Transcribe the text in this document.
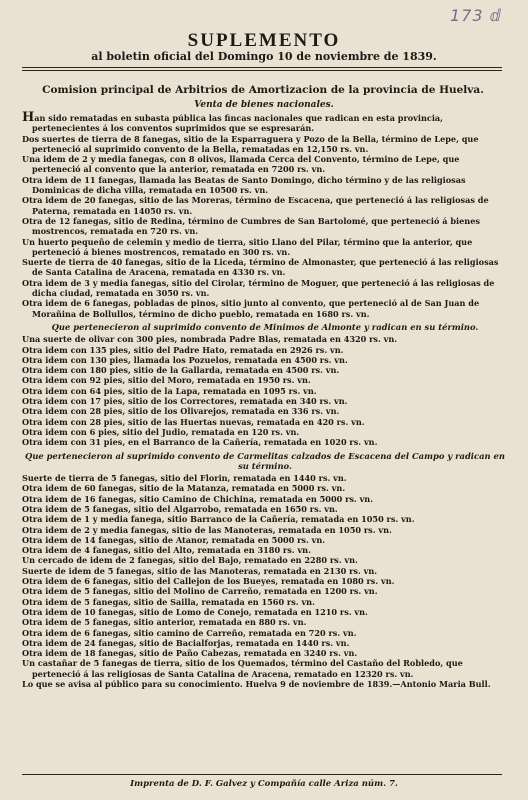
173 ⅆ
SUPLEMENTO
al boletin oficial del Domingo 10 de noviembre de 1839.
Comision principal de Arbitrios de Amortizacion de la provincia de Huelva.
Venta de bienes nacionales.
Han sido rematadas en subasta pública las fincas nacionales que radican en esta provincia, pertenecientes á los conventos suprimidos que se espresarán.
Dos suertes de tierra de 8 fanegas, sitio de la Esparraguera y Pozo de la Bella, término de Lepe, que perteneció al suprimido convento de la Bella, rematadas en 12,150 rs. vn.
Una idem de 2 y media fanegas, con 8 olivos, llamada Cerca del Convento, término de Lepe, que perteneció al convento que la anterior, rematada en 7200 rs. vn.
Otra idem de 11 fanegas, llamada las Beatas de Santo Domingo, dicho término y de las religiosas Dominicas de dicha villa, rematada en 10500 rs. vn.
Otra idem de 20 fanegas, sitio de las Moreras, término de Escacena, que perteneció á las religiosas de Paterna, rematada en 14050 rs. vn.
Otra de 12 fanegas, sitio de Redina, término de Cumbres de San Bartolomé, que perteneció á bienes mostrencos, rematada en 720 rs. vn.
Un huerto pequeño de celemin y medio de tierra, sitio Llano del Pilar, término que la anterior, que perteneció á bienes mostrencos, rematado en 300 rs. vn.
Suerte de tierra de 40 fanegas, sitio de la Liceda, término de Almonaster, que perteneció á las religiosas de Santa Catalina de Aracena, rematada en 4330 rs. vn.
Otra idem de 3 y media fanegas, sitio del Cirolar, término de Moguer, que perteneció á las religiosas de dicha ciudad, rematada en 3050 rs. vn.
Otra idem de 6 fanegas, pobladas de pinos, sitio junto al convento, que perteneció al de San Juan de Morañina de Bollullos, término de dicho pueblo, rematada en 1680 rs. vn.
Que pertenecieron al suprimido convento de Minimos de Almonte y radican en su término.
Una suerte de olivar con 300 pies, nombrada Padre Blas, rematada en 4320 rs. vn.
Otra idem con 135 pies, sitio del Padre Hato, rematada en 2926 rs. vn.
Otra idem con 130 pies, llamada los Pozuelos, rematada en 4500 rs. vn.
Otra idem con 180 pies, sitio de la Gallarda, rematada en 4500 rs. vn.
Otra idem con 92 pies, sitio del Moro, rematada en 1950 rs. vn.
Otra idem con 64 pies, sitio de la Lapa, rematada en 1095 rs. vn.
Otra idem con 17 pies, sitio de los Correctores, rematada en 340 rs. vn.
Otra idem con 28 pies, sitio de los Olivarejos, rematada en 336 rs. vn.
Otra idem con 28 pies, sitio de las Huertas nuevas, rematada en 420 rs. vn.
Otra idem con 6 pies, sitio del Judio, rematada en 120 rs. vn.
Otra idem con 31 pies, en el Barranco de la Cañería, rematada en 1020 rs. vn.
Que pertenecieron al suprimido convento de Carmelitas calzados de Escacena del Campo y radican en su término.
Suerte de tierra de 5 fanegas, sitio del Florin, rematada en 1440 rs. vn.
Otra idem de 60 fanegas, sitio de la Matanza, rematada en 5000 rs. vn.
Otra idem de 16 fanegas, sitio Camino de Chichina, rematada en 5000 rs. vn.
Otra idem de 5 fanegas, sitio del Algarrobo, rematada en 1650 rs. vn.
Otra idem de 1 y media fanega, sitio Barranco de la Cañería, rematada en 1050 rs. vn.
Otra idem de 2 y media fanegas, sitio de las Manoteras, rematada en 1050 rs. vn.
Otra idem de 14 fanegas, sitio de Atanor, rematada en 5000 rs. vn.
Otra idem de 4 fanegas, sitio del Alto, rematada en 3180 rs. vn.
Un cercado de idem de 2 fanegas, sitio del Bajo, rematado en 2280 rs. vn.
Suerte de idem de 5 fanegas, sitio de las Manoteras, rematada en 2130 rs. vn.
Otra idem de 6 fanegas, sitio del Callejon de los Bueyes, rematada en 1080 rs. vn.
Otra idem de 5 fanegas, sitio del Molino de Carreño, rematada en 1200 rs. vn.
Otra idem de 5 fanegas, sitio de Sailla, rematada en 1560 rs. vn.
Otra idem de 10 fanegas, sitio de Lomo de Conejo, rematada en 1210 rs. vn.
Otra idem de 5 fanegas, sitio anterior, rematada en 880 rs. vn.
Otra idem de 6 fanegas, sitio camino de Carreño, rematada en 720 rs. vn.
Otra idem de 24 fanegas, sitio de Bacialforjas, rematada en 1440 rs. vn.
Otra idem de 18 fanegas, sitio de Paño Cabezas, rematada en 3240 rs. vn.
Un castañar de 5 fanegas de tierra, sitio de los Quemados, término del Castaño del Robledo, que perteneció á las religiosas de Santa Catalina de Aracena, rematado en 12320 rs. vn.
Lo que se avisa al público para su conocimiento. Huelva 9 de noviembre de 1839.—Antonio Maria Bull.
Imprenta de D. F. Galvez y Compañía calle Ariza núm. 7.
